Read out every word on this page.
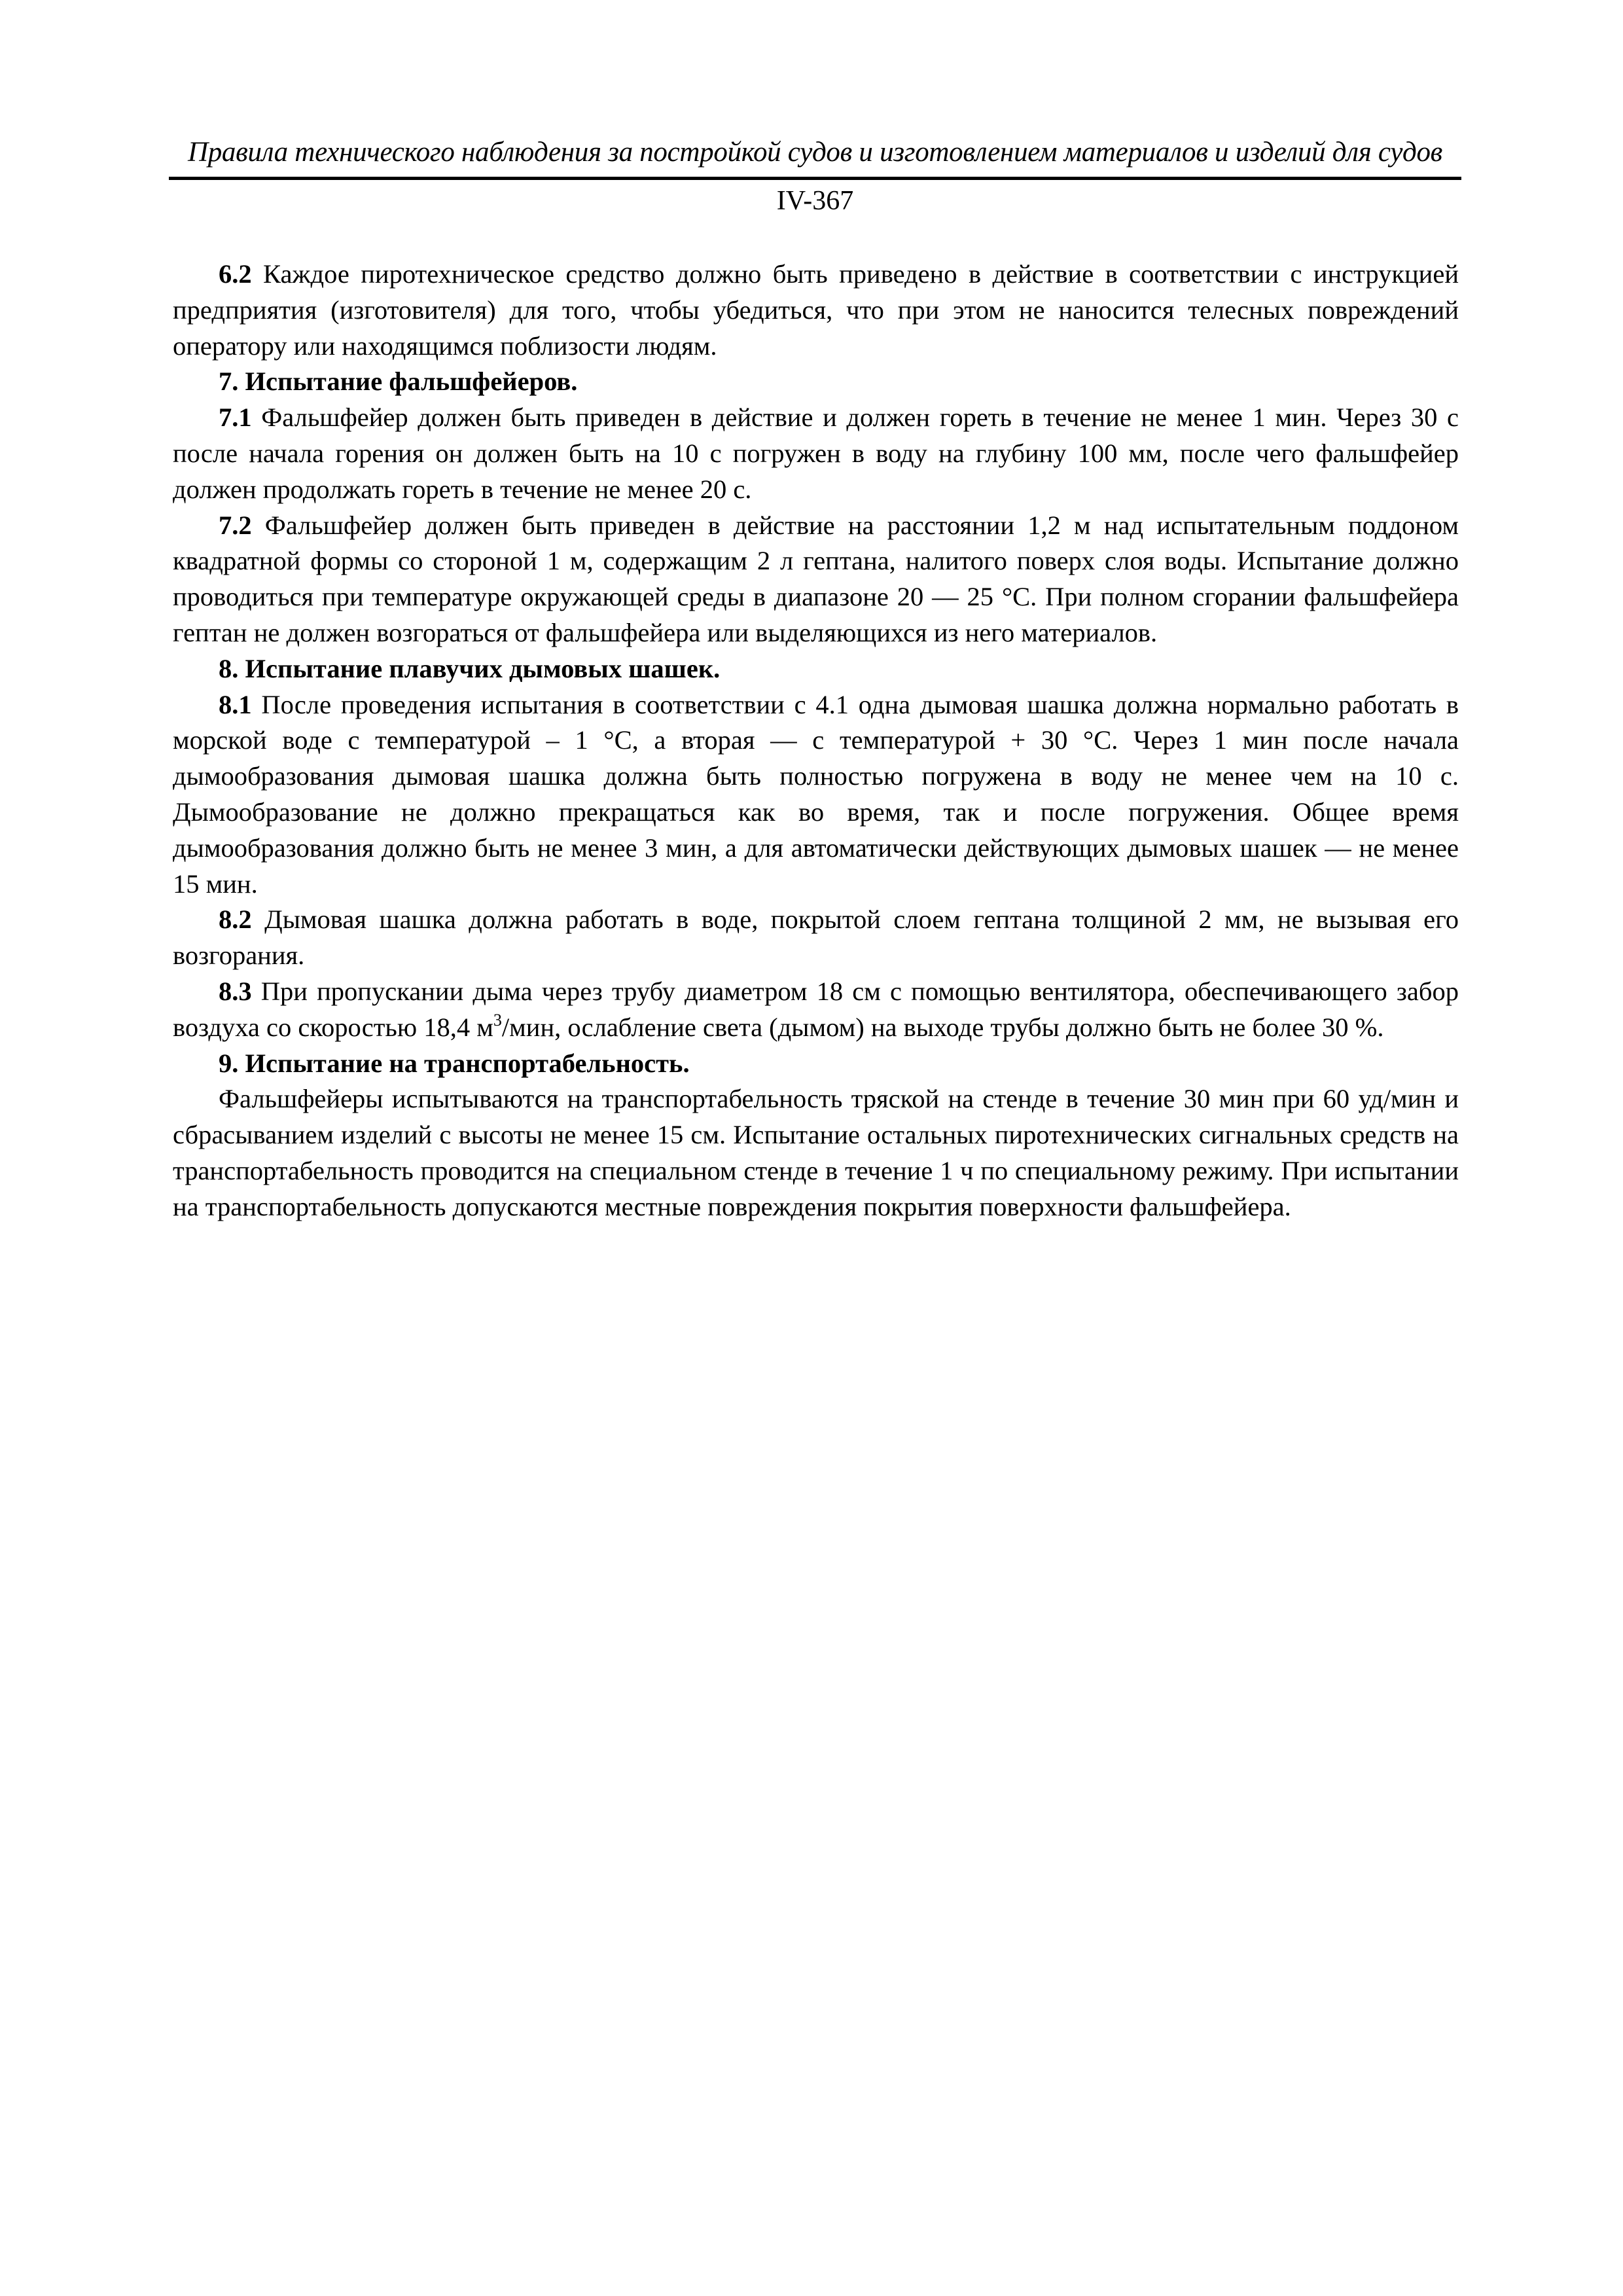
Правила технического наблюдения за постройкой судов и изготовлением материалов и изделий для судов
IV-367

6.2 Каждое пиротехническое средство должно быть приведено в действие в соответствии с инструкцией предприятия (изготовителя) для того, чтобы убедиться, что при этом не наносится телесных повреждений оператору или находящимся поблизости людям.

7. Испытание фальшфейеров.

7.1 Фальшфейер должен быть приведен в действие и должен гореть в течение не менее 1 мин. Через 30 с после начала горения он должен быть на 10 с погружен в воду на глубину 100 мм, после чего фальшфейер должен продолжать гореть в течение не менее 20 с.

7.2 Фальшфейер должен быть приведен в действие на расстоянии 1,2 м над испытательным поддоном квадратной формы со стороной 1 м, содержащим 2 л гептана, налитого поверх слоя воды. Испытание должно проводиться при температуре окружающей среды в диапазоне 20 — 25 °С. При полном сгорании фальшфейера гептан не должен возгораться от фальшфейера или выделяющихся из него материалов.

8. Испытание плавучих дымовых шашек.

8.1 После проведения испытания в соответствии с 4.1 одна дымовая шашка должна нормально работать в морской воде с температурой – 1 °С, а вторая — с температурой + 30 °С. Через 1 мин после начала дымообразования дымовая шашка должна быть полностью погружена в воду не менее чем на 10 с. Дымообразование не должно прекращаться как во время, так и после погружения. Общее время дымообразования должно быть не менее 3 мин, а для автоматически действующих дымовых шашек — не менее 15 мин.

8.2 Дымовая шашка должна работать в воде, покрытой слоем гептана толщиной 2 мм, не вызывая его возгорания.

8.3 При пропускании дыма через трубу диаметром 18 см с помощью вентилятора, обеспечивающего забор воздуха со скоростью 18,4 $м^3$/мин, ослабление света (дымом) на выходе трубы должно быть не более 30 %.

9. Испытание на транспортабельность.

Фальшфейеры испытываются на транспортабельность тряской на стенде в течение 30 мин при 60 уд/мин и сбрасыванием изделий с высоты не менее 15 см. Испытание остальных пиротехнических сигнальных средств на транспортабельность проводится на специальном стенде в течение 1 ч по специальному режиму. При испытании на транспортабельность допускаются местные повреждения покрытия поверхности фальшфейера.
